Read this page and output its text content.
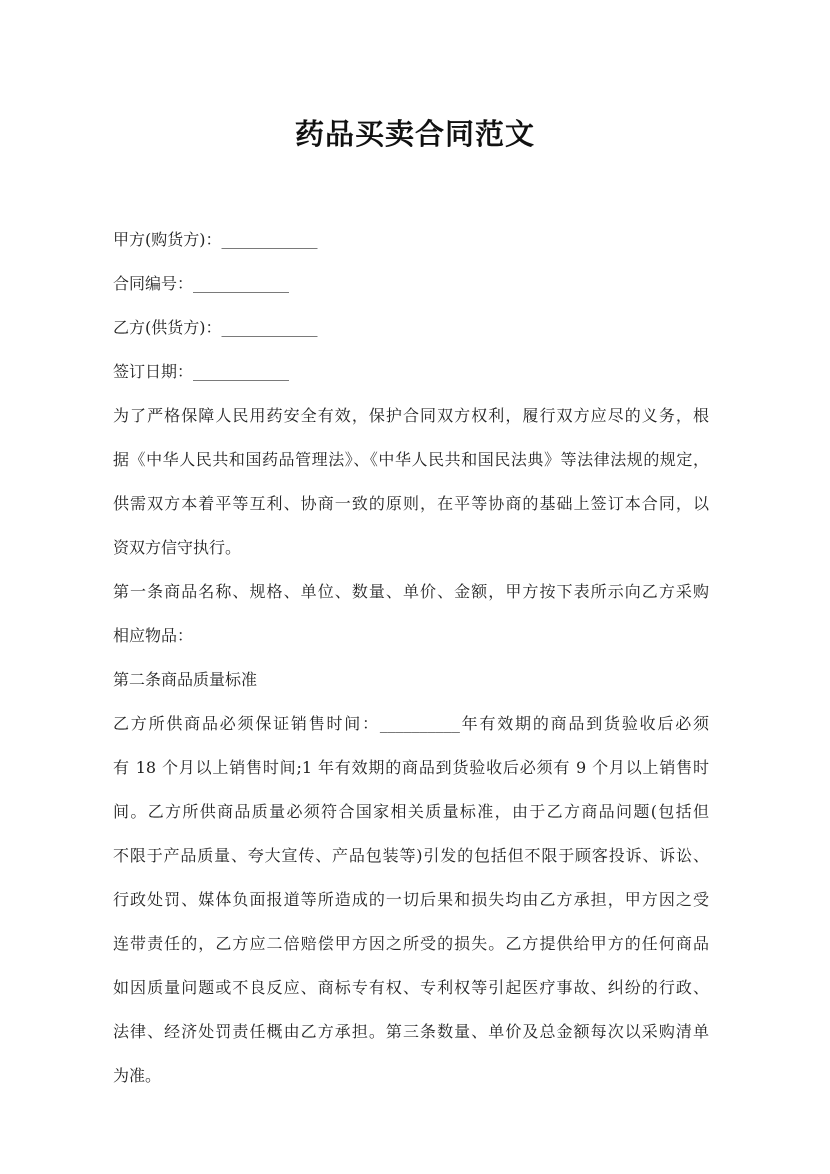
药品买卖合同范文
甲方(购货方)：____________
合同编号：____________
乙方(供货方)：____________
签订日期：____________
为了严格保障人民用药安全有效，保护合同双方权利，履行双方应尽的义务，根
据《中华人民共和国药品管理法》、《中华人民共和国民法典》等法律法规的规定，
供需双方本着平等互利、协商一致的原则，在平等协商的基础上签订本合同，以
资双方信守执行。
第一条商品名称、规格、单位、数量、单价、金额，甲方按下表所示向乙方采购
相应物品：
第二条商品质量标准
乙方所供商品必须保证销售时间：__________年有效期的商品到货验收后必须
有 18 个月以上销售时间;1 年有效期的商品到货验收后必须有 9 个月以上销售时
间。乙方所供商品质量必须符合国家相关质量标准，由于乙方商品问题(包括但
不限于产品质量、夸大宣传、产品包装等)引发的包括但不限于顾客投诉、诉讼、
行政处罚、媒体负面报道等所造成的一切后果和损失均由乙方承担，甲方因之受
连带责任的，乙方应二倍赔偿甲方因之所受的损失。乙方提供给甲方的任何商品
如因质量问题或不良反应、商标专有权、专利权等引起医疗事故、纠纷的行政、
法律、经济处罚责任概由乙方承担。第三条数量、单价及总金额每次以采购清单
为准。
